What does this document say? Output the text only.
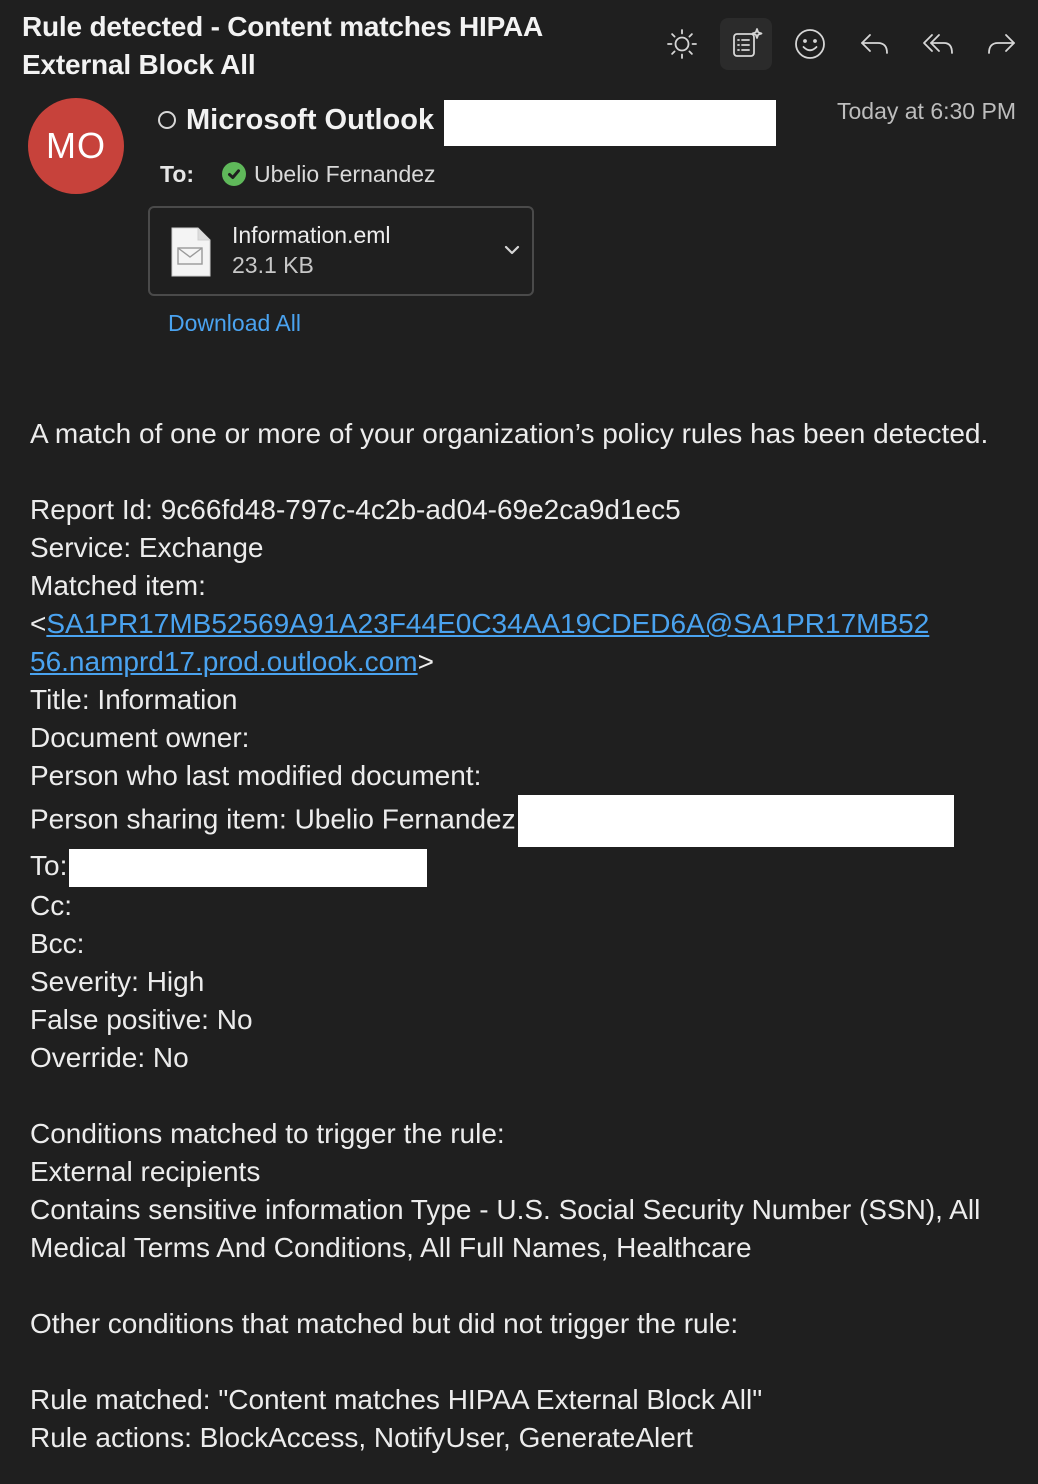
Rule detected - Content matches HIPAA External Block All
MO
Microsoft Outlook	Today at 6:30 PM
To:	Ubelio Fernandez
Information.eml
23.1 KB
Download All
A match of one or more of your organization’s policy rules has been detected.
Report Id: 9c66fd48-797c-4c2b-ad04-69e2ca9d1ec5
Service: Exchange
Matched item:
<SA1PR17MB52569A91A23F44E0C34AA19CDED6A@SA1PR17MB52
56.namprd17.prod.outlook.com>
Title: Information
Document owner:
Person who last modified document:
Person sharing item: Ubelio Fernandez
To:
Cc:
Bcc:
Severity: High
False positive: No
Override: No
Conditions matched to trigger the rule:
External recipients
Contains sensitive information Type - U.S. Social Security Number (SSN), All Medical Terms And Conditions, All Full Names, Healthcare
Other conditions that matched but did not trigger the rule:
Rule matched: "Content matches HIPAA External Block All"
Rule actions: BlockAccess, NotifyUser, GenerateAlert
